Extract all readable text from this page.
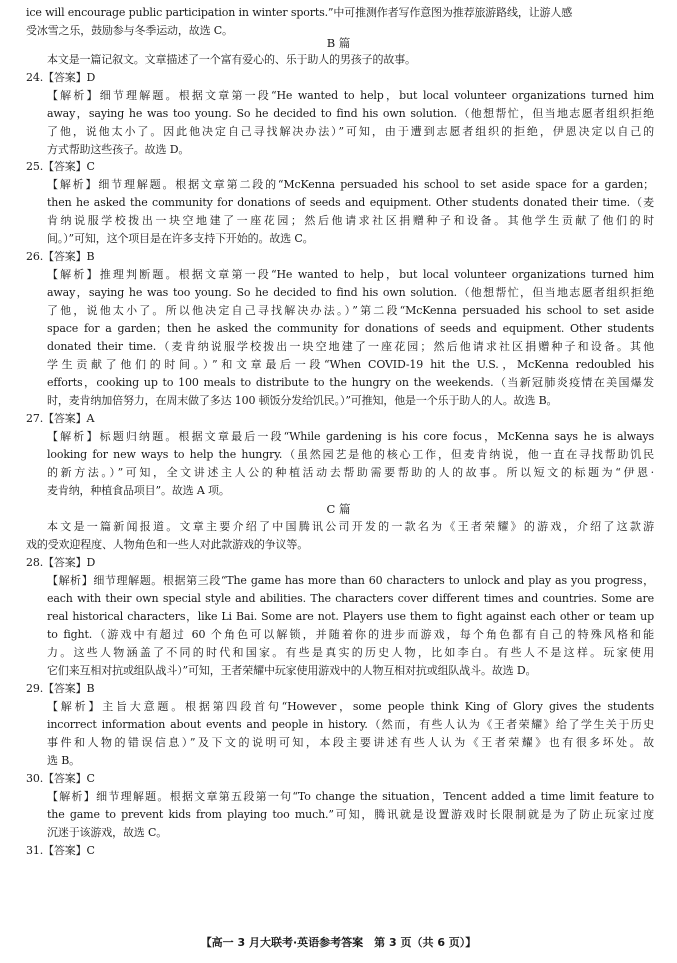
ice will encourage public participation in winter sports.”中可推测作者写作意图为推荐旅游路线，让游人感
受冰雪之乐，鼓励参与冬季运动，故选 C。
本文是一篇记叙文。文章描述了一个富有爱心的、乐于助人的男孩子的故事。
24.【答案】D
【解析】细节理解题。根据文章第一段“He wanted to help，but local volunteer organizations turned him
away，saying he was too young. So he decided to find his own solution.（他想帮忙，但当地志愿者组织拒绝
了他，说他太小了。因此他决定自己寻找解决办法）”可知，由于遭到志愿者组织的拒绝，伊恩决定以自己的
方式帮助这些孩子。故选 D。
25.【答案】C
【解析】细节理解题。根据文章第二段的“McKenna persuaded his school to set aside space for a garden；
then he asked the community for donations of seeds and equipment. Other students donated their time.（麦
肯纳说服学校拨出一块空地建了一座花园；然后他请求社区捐赠种子和设备。其他学生贡献了他们的时
间。）”可知，这个项目是在许多支持下开始的。故选 C。
26.【答案】B
【解析】推理判断题。根据文章第一段“He wanted to help，but local volunteer organizations turned him
away，saying he was too young. So he decided to find his own solution.（他想帮忙，但当地志愿者组织拒绝
了他，说他太小了。所以他决定自己寻找解决办法。）”第二段“McKenna persuaded his school to set aside
space for a garden；then he asked the community for donations of seeds and equipment. Other students
donated their time.（麦肯纳说服学校拨出一块空地建了一座花园；然后他请求社区捐赠种子和设备。其他
学生贡献了他们的时间。）”和文章最后一段“When COVID-19 hit the U.S.，McKenna redoubled his
efforts，cooking up to 100 meals to distribute to the hungry on the weekends.（当新冠肺炎疫情在美国爆发
时，麦肯纳加倍努力，在周末做了多达 100 顿饭分发给饥民。）”可推知，他是一个乐于助人的人。故选 B。
27.【答案】A
【解析】标题归纳题。根据文章最后一段“While gardening is his core focus，McKenna says he is always
looking for new ways to help the hungry.（虽然园艺是他的核心工作，但麦肯纳说，他一直在寻找帮助饥民
的新方法。）”可知，全文讲述主人公的种植活动去帮助需要帮助的人的故事。所以短文的标题为“伊恩·
麦肯纳，种植食品项目”。故选 A 项。
本文是一篇新闻报道。文章主要介绍了中国腾讯公司开发的一款名为《王者荣耀》的游戏，介绍了这款游
戏的受欢迎程度、人物角色和一些人对此款游戏的争议等。
28.【答案】D
【解析】细节理解题。根据第三段“The game has more than 60 characters to unlock and play as you progress，
each with their own special style and abilities. The characters cover different times and countries. Some are
real historical characters，like Li Bai. Some are not. Players use them to fight against each other or team up
to fight.（游戏中有超过 60 个角色可以解锁，并随着你的进步而游戏，每个角色都有自己的特殊风格和能
力。这些人物涵盖了不同的时代和国家。有些是真实的历史人物，比如李白。有些人不是这样。玩家使用
它们来互相对抗或组队战斗）”可知，王者荣耀中玩家使用游戏中的人物互相对抗或组队战斗。故选 D。
29.【答案】B
【解析】主旨大意题。根据第四段首句“However，some people think King of Glory gives the students
incorrect information about events and people in history.（然而，有些人认为《王者荣耀》给了学生关于历史
事件和人物的错误信息）”及下文的说明可知，本段主要讲述有些人认为《王者荣耀》也有很多坏处。故
选 B。
30.【答案】C
【解析】细节理解题。根据文章第五段第一句“To change the situation，Tencent added a time limit feature to
the game to prevent kids from playing too much.”可知，腾讯就是设置游戏时长限制就是为了防止玩家过度
沉迷于该游戏，故选 C。
31.【答案】C
B 篇
C 篇
【高一 3 月大联考·英语参考答案　第 3 页（共 6 页）】
